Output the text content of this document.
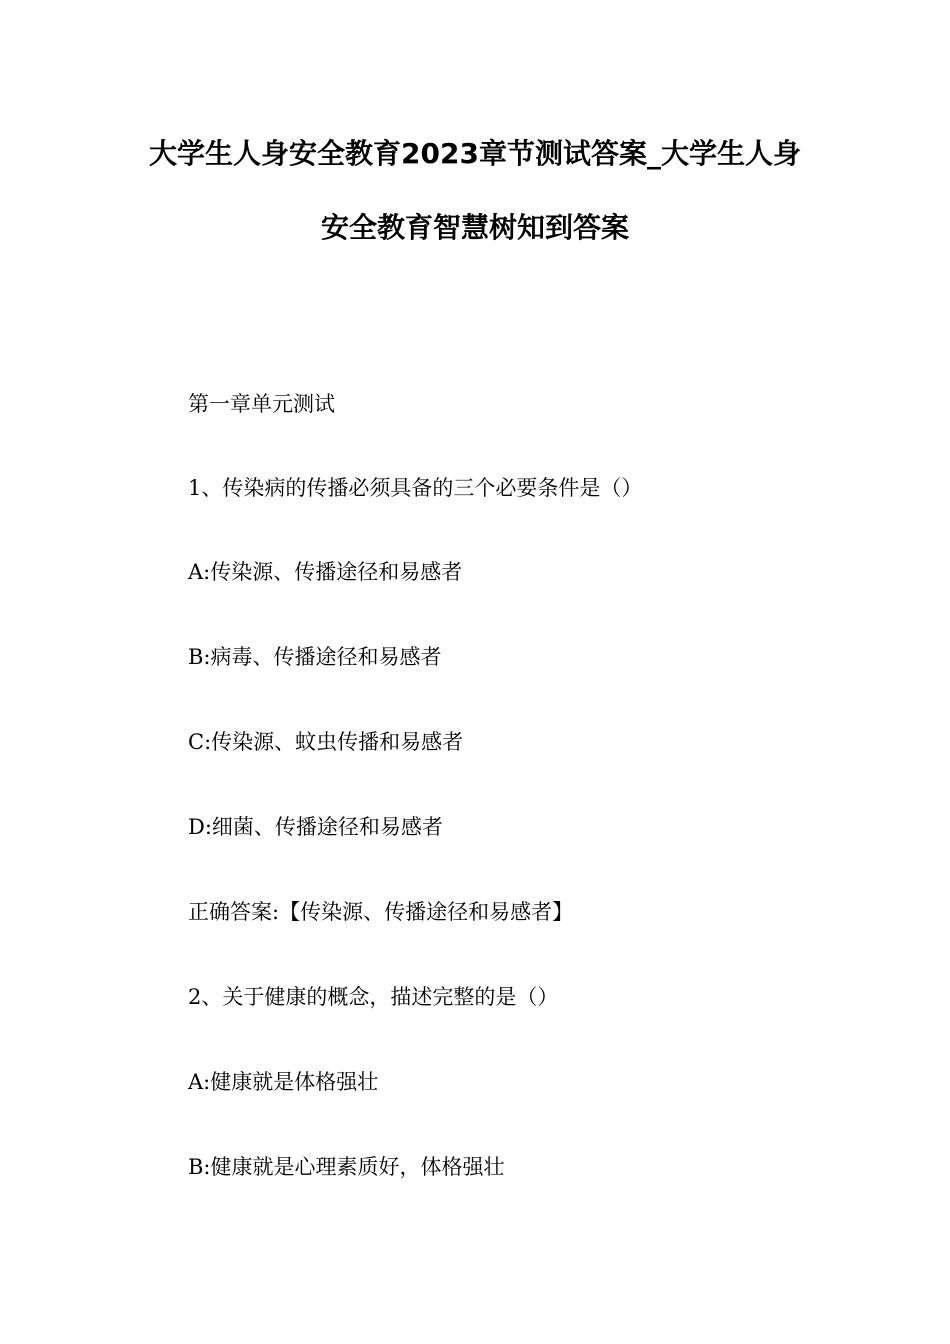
大学生人身安全教育2023章节测试答案_大学生人身
安全教育智慧树知到答案
第一章单元测试
1、传染病的传播必须具备的三个必要条件是（）
A:传染源、传播途径和易感者
B:病毒、传播途径和易感者
C:传染源、蚊虫传播和易感者
D:细菌、传播途径和易感者
正确答案:【传染源、传播途径和易感者】
2、关于健康的概念，描述完整的是（）
A:健康就是体格强壮
B:健康就是心理素质好，体格强壮
